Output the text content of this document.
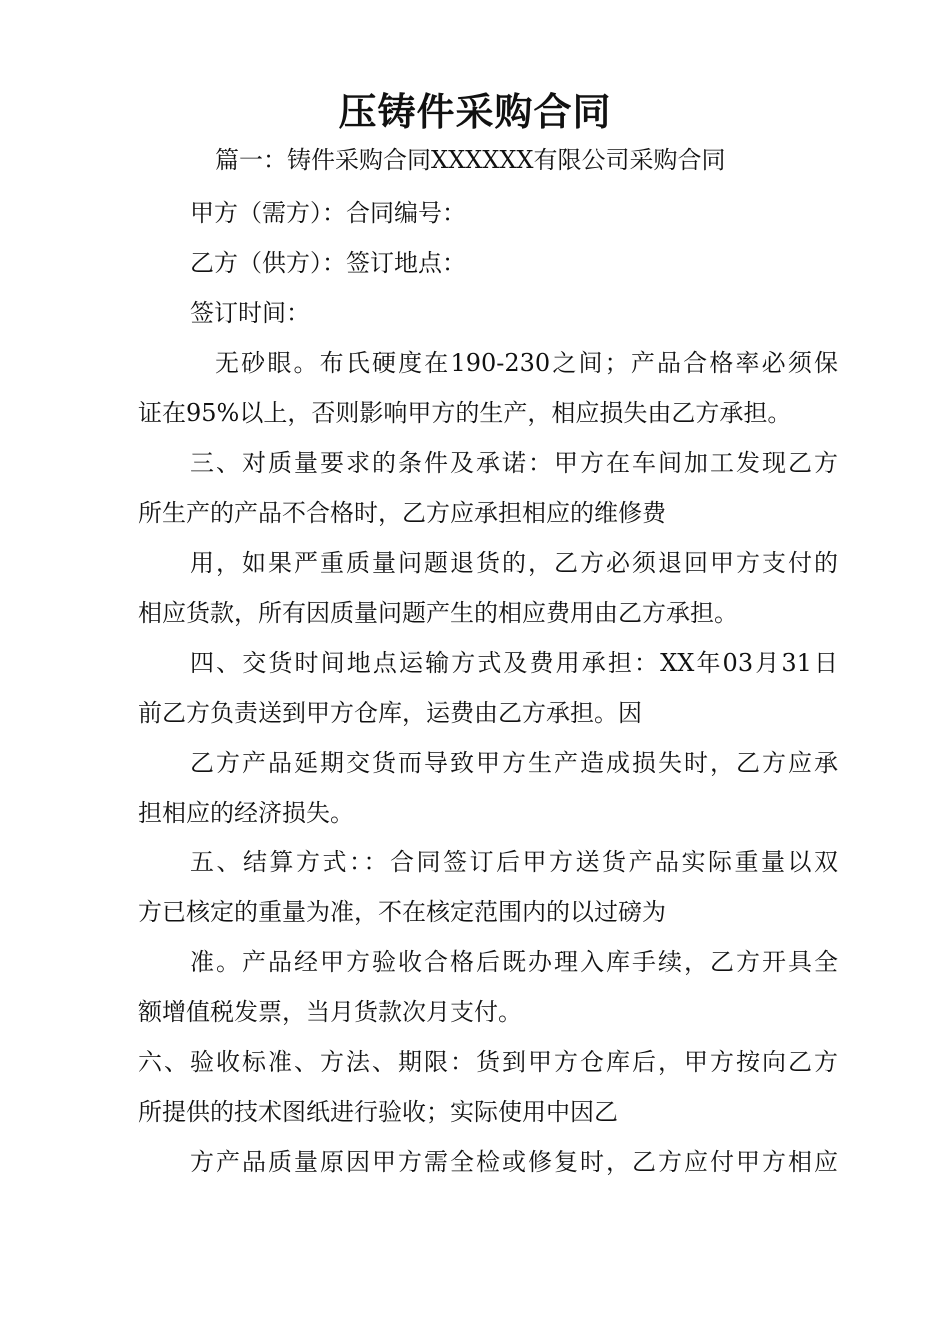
压铸件采购合同

篇一：铸件采购合同XXXXXX有限公司采购合同

甲方（需方）：合同编号：

乙方（供方）：签订地点：

签订时间：

无砂眼。布氏硬度在190-230之间；产品合格率必须保

证在95%以上，否则影响甲方的生产，相应损失由乙方承担。

三、对质量要求的条件及承诺：甲方在车间加工发现乙方

所生产的产品不合格时，乙方应承担相应的维修费

用，如果严重质量问题退货的，乙方必须退回甲方支付的

相应货款，所有因质量问题产生的相应费用由乙方承担。

四、交货时间地点运输方式及费用承担：XX年03月31日

前乙方负责送到甲方仓库，运费由乙方承担。因

乙方产品延期交货而导致甲方生产造成损失时，乙方应承

担相应的经济损失。

五、结算方式：：合同签订后甲方送货产品实际重量以双

方已核定的重量为准，不在核定范围内的以过磅为

准。产品经甲方验收合格后既办理入库手续，乙方开具全

额增值税发票，当月货款次月支付。

六、验收标准、方法、期限：货到甲方仓库后，甲方按向乙方

所提供的技术图纸进行验收；实际使用中因乙

方产品质量原因甲方需全检或修复时，乙方应付甲方相应
